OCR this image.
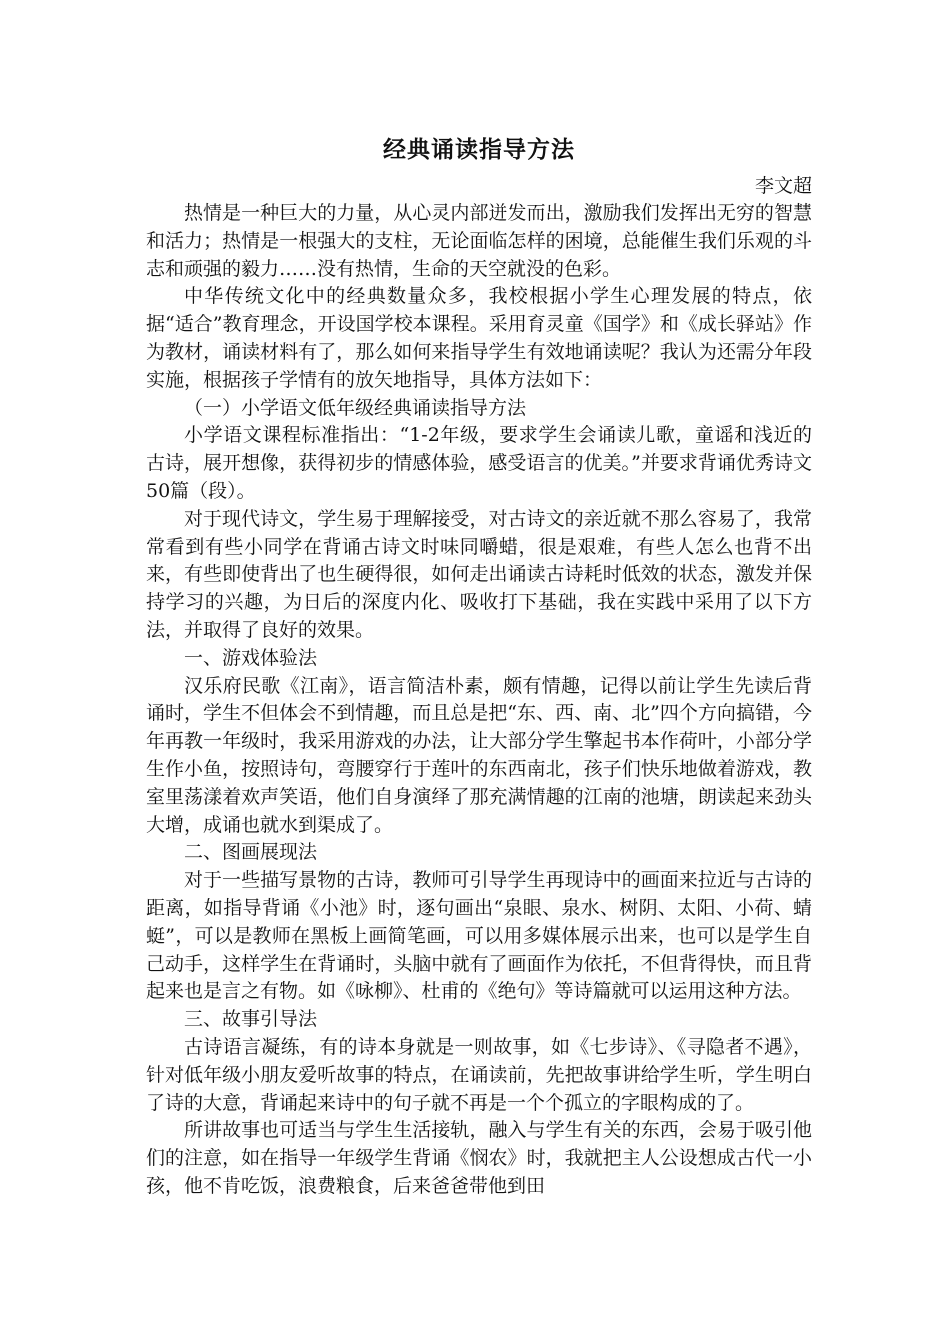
经典诵读指导方法

李文超

热情是一种巨大的力量，从心灵内部迸发而出，激励我们发挥出无穷的智慧和活力；热情是一根强大的支柱，无论面临怎样的困境，总能催生我们乐观的斗志和顽强的毅力……没有热情，生命的天空就没的色彩。

中华传统文化中的经典数量众多，我校根据小学生心理发展的特点，依据“适合”教育理念，开设国学校本课程。采用育灵童《国学》和《成长驿站》作为教材，诵读材料有了，那么如何来指导学生有效地诵读呢？我认为还需分年段实施，根据孩子学情有的放矢地指导，具体方法如下：

（一）小学语文低年级经典诵读指导方法

小学语文课程标准指出：“1-2年级，要求学生会诵读儿歌，童谣和浅近的古诗，展开想像，获得初步的情感体验，感受语言的优美。”并要求背诵优秀诗文50篇（段）。

对于现代诗文，学生易于理解接受，对古诗文的亲近就不那么容易了，我常常看到有些小同学在背诵古诗文时味同嚼蜡，很是艰难，有些人怎么也背不出来，有些即使背出了也生硬得很，如何走出诵读古诗耗时低效的状态，激发并保持学习的兴趣，为日后的深度内化、吸收打下基础，我在实践中采用了以下方法，并取得了良好的效果。

一、游戏体验法

汉乐府民歌《江南》，语言简洁朴素，颇有情趣，记得以前让学生先读后背诵时，学生不但体会不到情趣，而且总是把“东、西、南、北”四个方向搞错，今年再教一年级时，我采用游戏的办法，让大部分学生擎起书本作荷叶，小部分学生作小鱼，按照诗句，弯腰穿行于莲叶的东西南北，孩子们快乐地做着游戏，教室里荡漾着欢声笑语，他们自身演绎了那充满情趣的江南的池塘，朗读起来劲头大增，成诵也就水到渠成了。

二、图画展现法

对于一些描写景物的古诗，教师可引导学生再现诗中的画面来拉近与古诗的距离，如指导背诵《小池》时，逐句画出“泉眼、泉水、树阴、太阳、小荷、蜻蜓”，可以是教师在黑板上画简笔画，可以用多媒体展示出来，也可以是学生自己动手，这样学生在背诵时，头脑中就有了画面作为依托，不但背得快，而且背起来也是言之有物。如《咏柳》、杜甫的《绝句》等诗篇就可以运用这种方法。

三、故事引导法

古诗语言凝练，有的诗本身就是一则故事，如《七步诗》、《寻隐者不遇》，针对低年级小朋友爱听故事的特点，在诵读前，先把故事讲给学生听，学生明白了诗的大意，背诵起来诗中的句子就不再是一个个孤立的字眼构成的了。

所讲故事也可适当与学生生活接轨，融入与学生有关的东西，会易于吸引他们的注意，如在指导一年级学生背诵《悯农》时，我就把主人公设想成古代一小孩，他不肯吃饭，浪费粮食，后来爸爸带他到田
